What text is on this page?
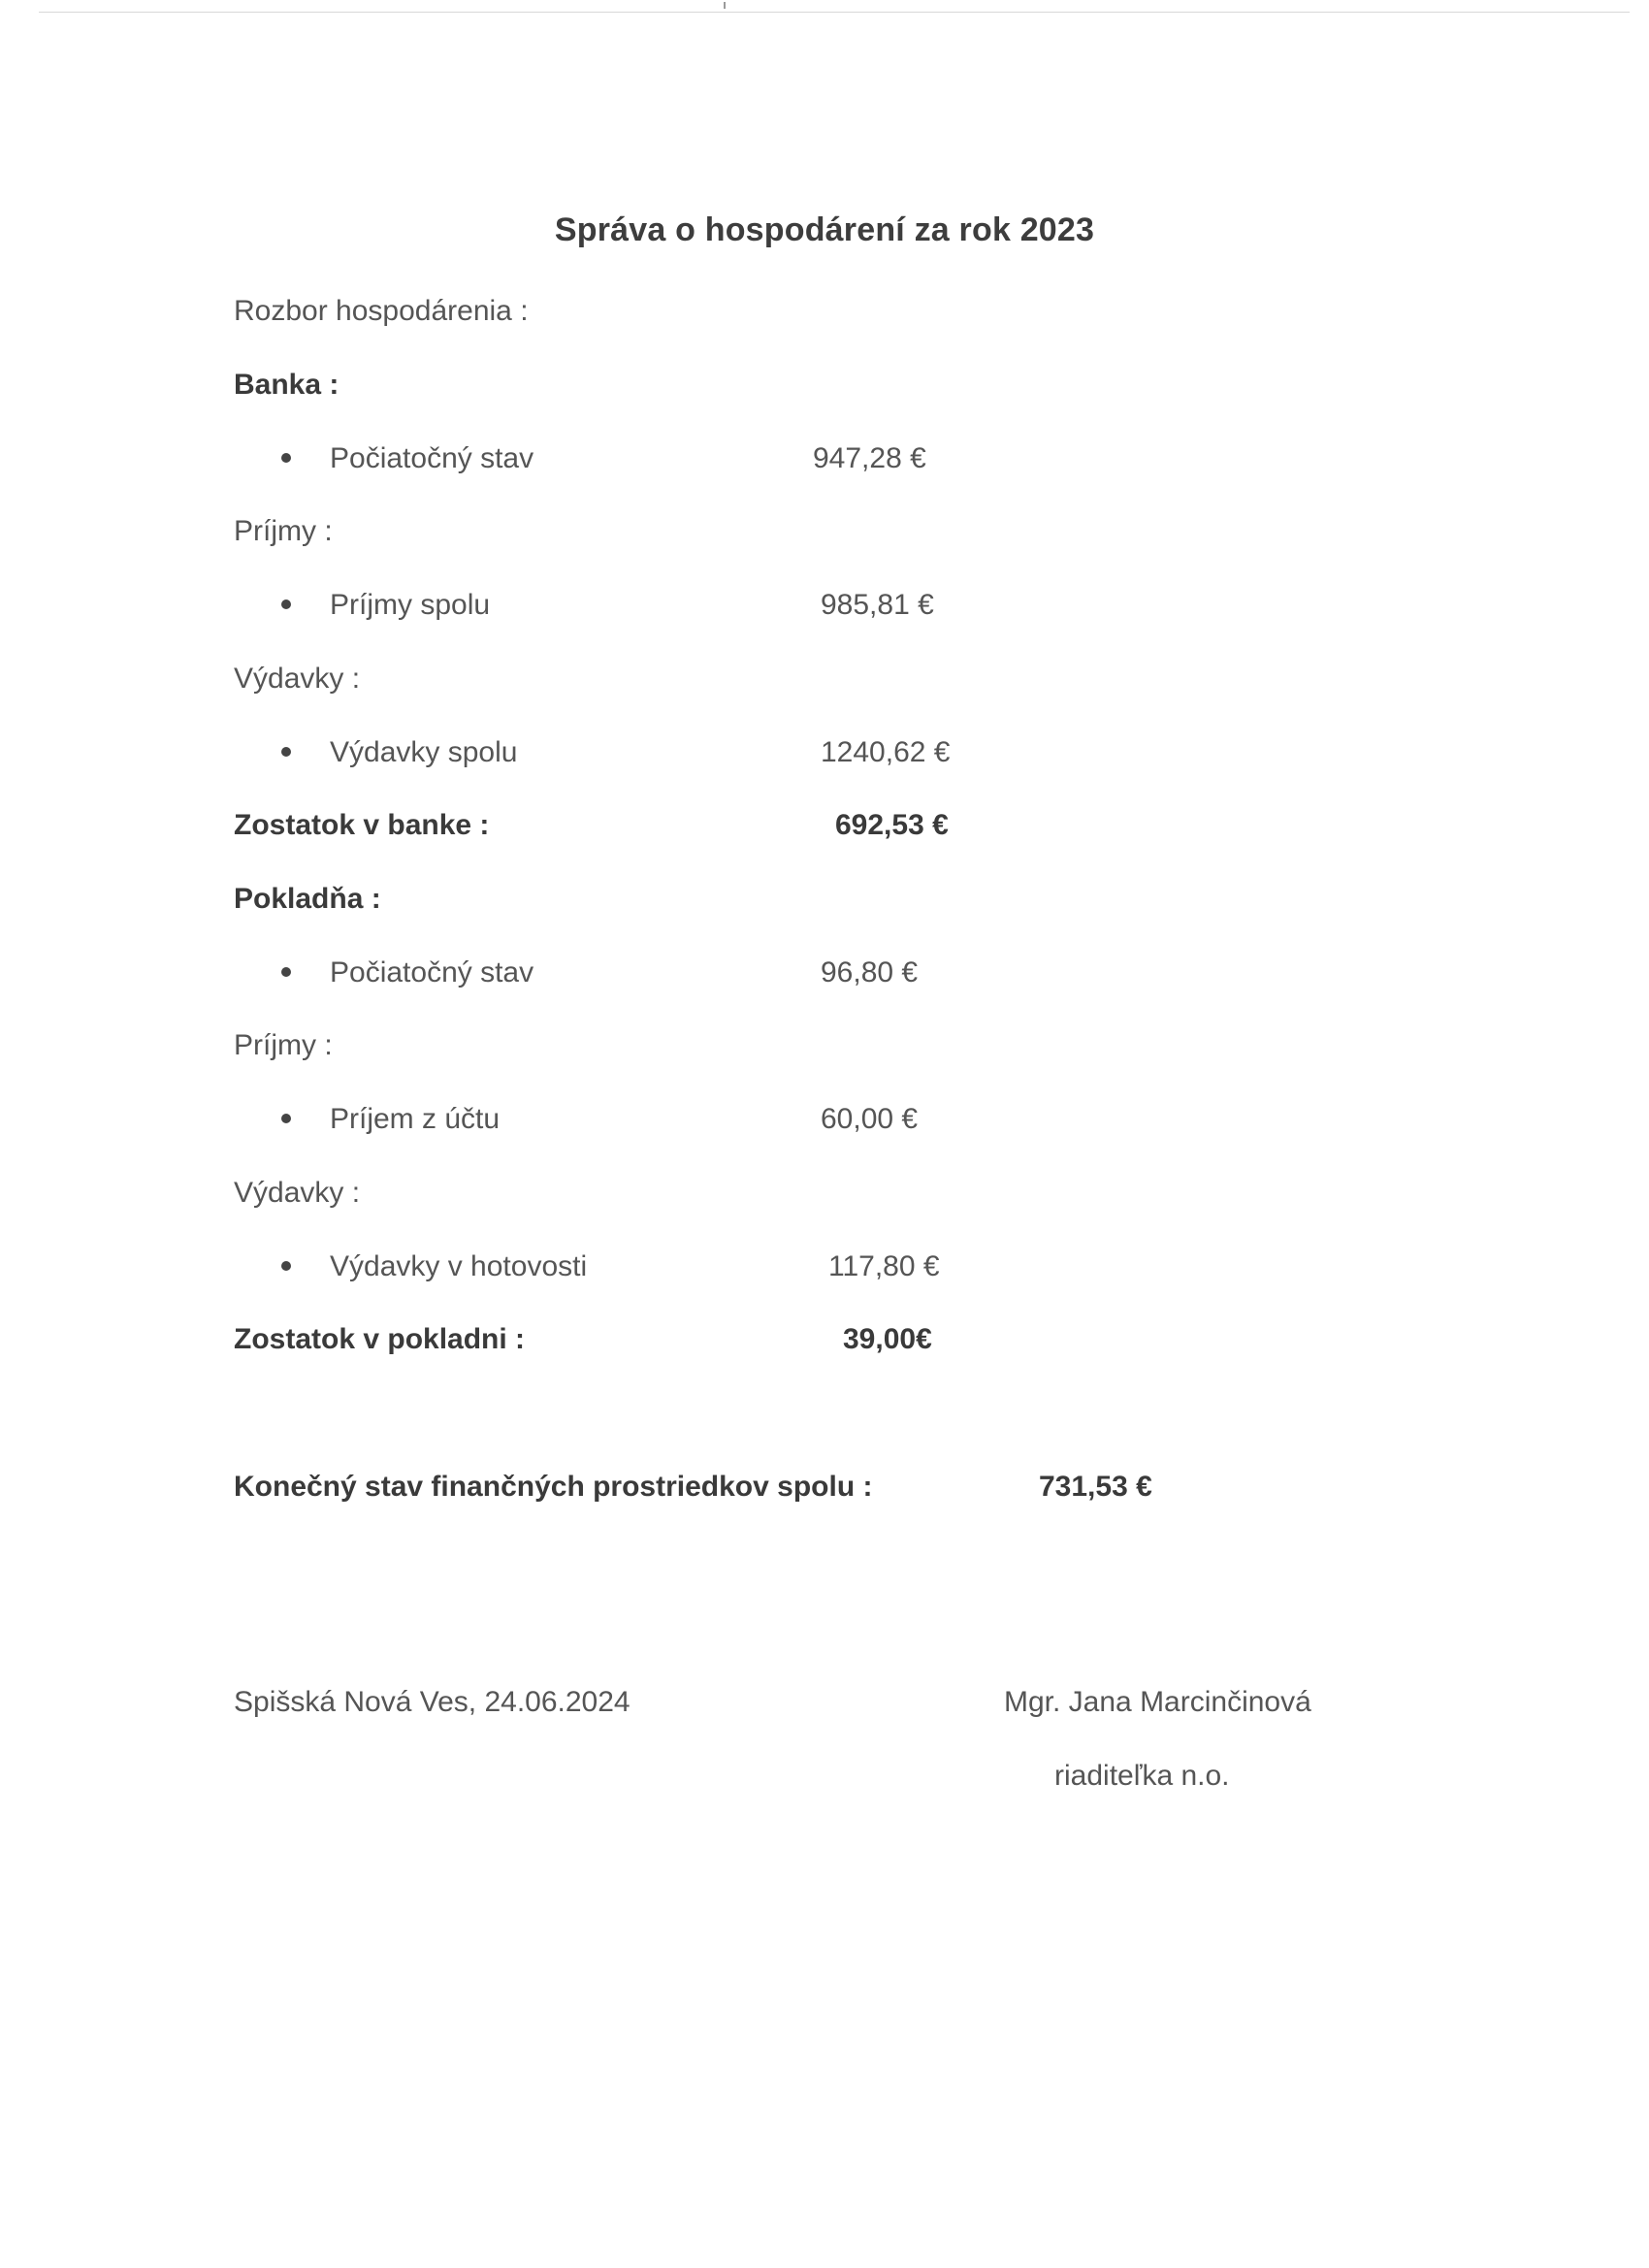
Správa o hospodárení za rok 2023
Rozbor hospodárenia :
Banka :
Počiatočný stav	947,28 €
Príjmy :
Príjmy spolu	985,81 €
Výdavky :
Výdavky spolu	1240,62 €
Zostatok v banke :	692,53 €
Pokladňa :
Počiatočný stav	96,80 €
Príjmy :
Príjem z účtu	60,00 €
Výdavky :
Výdavky v hotovosti	117,80 €
Zostatok v pokladni :	39,00€
Konečný stav finančných prostriedkov spolu :	731,53 €
Spišská Nová Ves, 24.06.2024	Mgr. Jana Marcinčinová
riaditeľka n.o.
